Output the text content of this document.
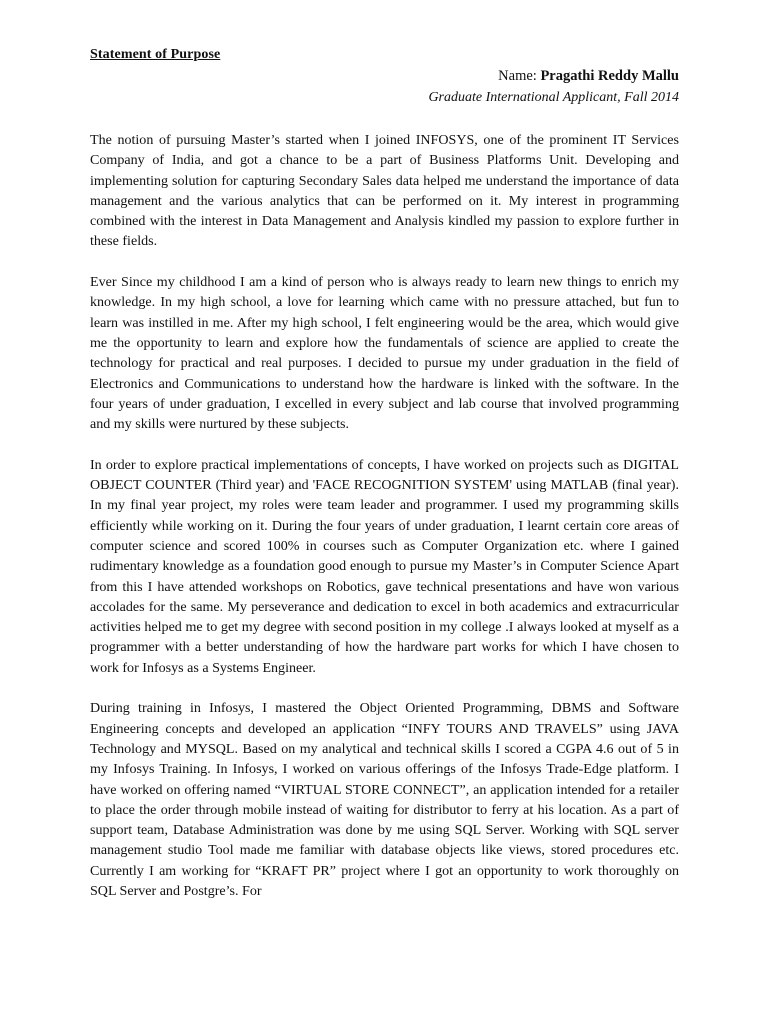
Statement of Purpose
Name: Pragathi Reddy Mallu
Graduate International Applicant, Fall 2014

The notion of pursuing Master’s started when I joined INFOSYS, one of the prominent IT Services Company of India, and got a chance to be a part of Business Platforms Unit. Developing and implementing solution for capturing Secondary Sales data helped me understand the importance of data management and the various analytics that can be performed on it. My interest in programming combined with the interest in Data Management and Analysis kindled my passion to explore further in these fields.

Ever Since my childhood I am a kind of person who is always ready to learn new things to enrich my knowledge. In my high school, a love for learning which came with no pressure attached, but fun to learn was instilled in me. After my high school, I felt engineering would be the area, which would give me the opportunity to learn and explore how the fundamentals of science are applied to create the technology for practical and real purposes. I decided to pursue my under graduation in the field of Electronics and Communications to understand how the hardware is linked with the software. In the four years of under graduation, I excelled in every subject and lab course that involved programming and my skills were nurtured by these subjects.

In order to explore practical implementations of concepts, I have worked on projects such as DIGITAL OBJECT COUNTER (Third year) and 'FACE RECOGNITION SYSTEM' using MATLAB (final year). In my final year project, my roles were team leader and programmer. I used my programming skills efficiently while working on it. During the four years of under graduation, I learnt certain core areas of computer science and scored 100% in courses such as Computer Organization etc. where I gained rudimentary knowledge as a foundation good enough to pursue my Master’s in Computer Science Apart from this I have attended workshops on Robotics, gave technical presentations and have won various accolades for the same. My perseverance and dedication to excel in both academics and extracurricular activities helped me to get my degree with second position in my college .I always looked at myself as a programmer with a better understanding of how the hardware part works for which I have chosen to work for Infosys as a Systems Engineer.

During training in Infosys, I mastered the Object Oriented Programming, DBMS and Software Engineering concepts and developed an application “INFY TOURS AND TRAVELS” using JAVA Technology and MYSQL. Based on my analytical and technical skills I scored a CGPA 4.6 out of 5 in my Infosys Training. In Infosys, I worked on various offerings of the Infosys Trade-Edge platform. I have worked on offering named “VIRTUAL STORE CONNECT”, an application intended for a retailer to place the order through mobile instead of waiting for distributor to ferry at his location. As a part of support team, Database Administration was done by me using SQL Server. Working with SQL server management studio Tool made me familiar with database objects like views, stored procedures etc. Currently I am working for “KRAFT PR” project where I got an opportunity to work thoroughly on SQL Server and Postgre’s. For
